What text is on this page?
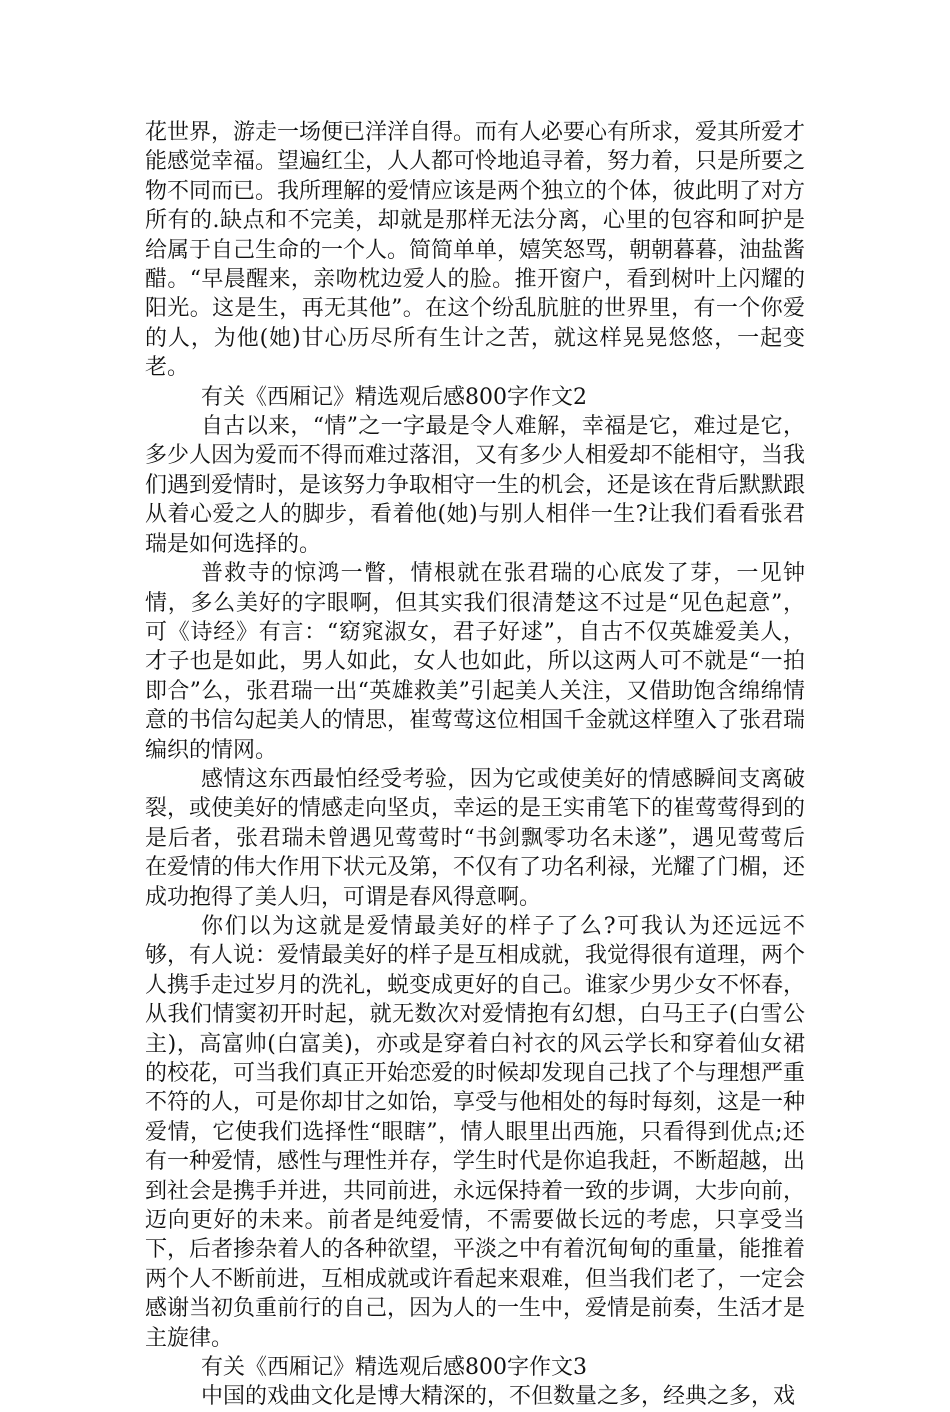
花世界，游走一场便已洋洋自得。而有人必要心有所求，爱其所爱才能感觉幸福。望遍红尘，人人都可怜地追寻着，努力着，只是所要之物不同而已。我所理解的爱情应该是两个独立的个体，彼此明了对方所有的.缺点和不完美，却就是那样无法分离，心里的包容和呵护是给属于自己生命的一个人。简简单单，嬉笑怒骂，朝朝暮暮，油盐酱醋。“早晨醒来，亲吻枕边爱人的脸。推开窗户，看到树叶上闪耀的阳光。这是生，再无其他”。在这个纷乱肮脏的世界里，有一个你爱的人，为他(她)甘心历尽所有生计之苦，就这样晃晃悠悠，一起变老。

有关《西厢记》精选观后感800字作文2

自古以来，“情”之一字最是令人难解，幸福是它，难过是它，多少人因为爱而不得而难过落泪，又有多少人相爱却不能相守，当我们遇到爱情时，是该努力争取相守一生的机会，还是该在背后默默跟从着心爱之人的脚步，看着他(她)与别人相伴一生?让我们看看张君瑞是如何选择的。

普救寺的惊鸿一瞥，情根就在张君瑞的心底发了芽，一见钟情，多么美好的字眼啊，但其实我们很清楚这不过是“见色起意”，可《诗经》有言：“窈窕淑女，君子好逑”，自古不仅英雄爱美人，才子也是如此，男人如此，女人也如此，所以这两人可不就是“一拍即合”么，张君瑞一出“英雄救美”引起美人关注，又借助饱含绵绵情意的书信勾起美人的情思，崔莺莺这位相国千金就这样堕入了张君瑞编织的情网。

感情这东西最怕经受考验，因为它或使美好的情感瞬间支离破裂，或使美好的情感走向坚贞，幸运的是王实甫笔下的崔莺莺得到的是后者，张君瑞未曾遇见莺莺时“书剑飘零功名未遂”，遇见莺莺后在爱情的伟大作用下状元及第，不仅有了功名利禄，光耀了门楣，还成功抱得了美人归，可谓是春风得意啊。

你们以为这就是爱情最美好的样子了么?可我认为还远远不够，有人说：爱情最美好的样子是互相成就，我觉得很有道理，两个人携手走过岁月的洗礼，蜕变成更好的自己。谁家少男少女不怀春，从我们情窦初开时起，就无数次对爱情抱有幻想，白马王子(白雪公主)，高富帅(白富美)，亦或是穿着白衬衣的风云学长和穿着仙女裙的校花，可当我们真正开始恋爱的时候却发现自己找了个与理想严重不符的人，可是你却甘之如饴，享受与他相处的每时每刻，这是一种爱情，它使我们选择性“眼瞎”，情人眼里出西施，只看得到优点;还有一种爱情，感性与理性并存，学生时代是你追我赶，不断超越，出到社会是携手并进，共同前进，永远保持着一致的步调，大步向前，迈向更好的未来。前者是纯爱情，不需要做长远的考虑，只享受当下，后者掺杂着人的各种欲望，平淡之中有着沉甸甸的重量，能推着两个人不断前进，互相成就或许看起来艰难，但当我们老了，一定会感谢当初负重前行的自己，因为人的一生中，爱情是前奏，生活才是主旋律。

有关《西厢记》精选观后感800字作文3

中国的戏曲文化是博大精深的，不但数量之多，经典之多，戏
